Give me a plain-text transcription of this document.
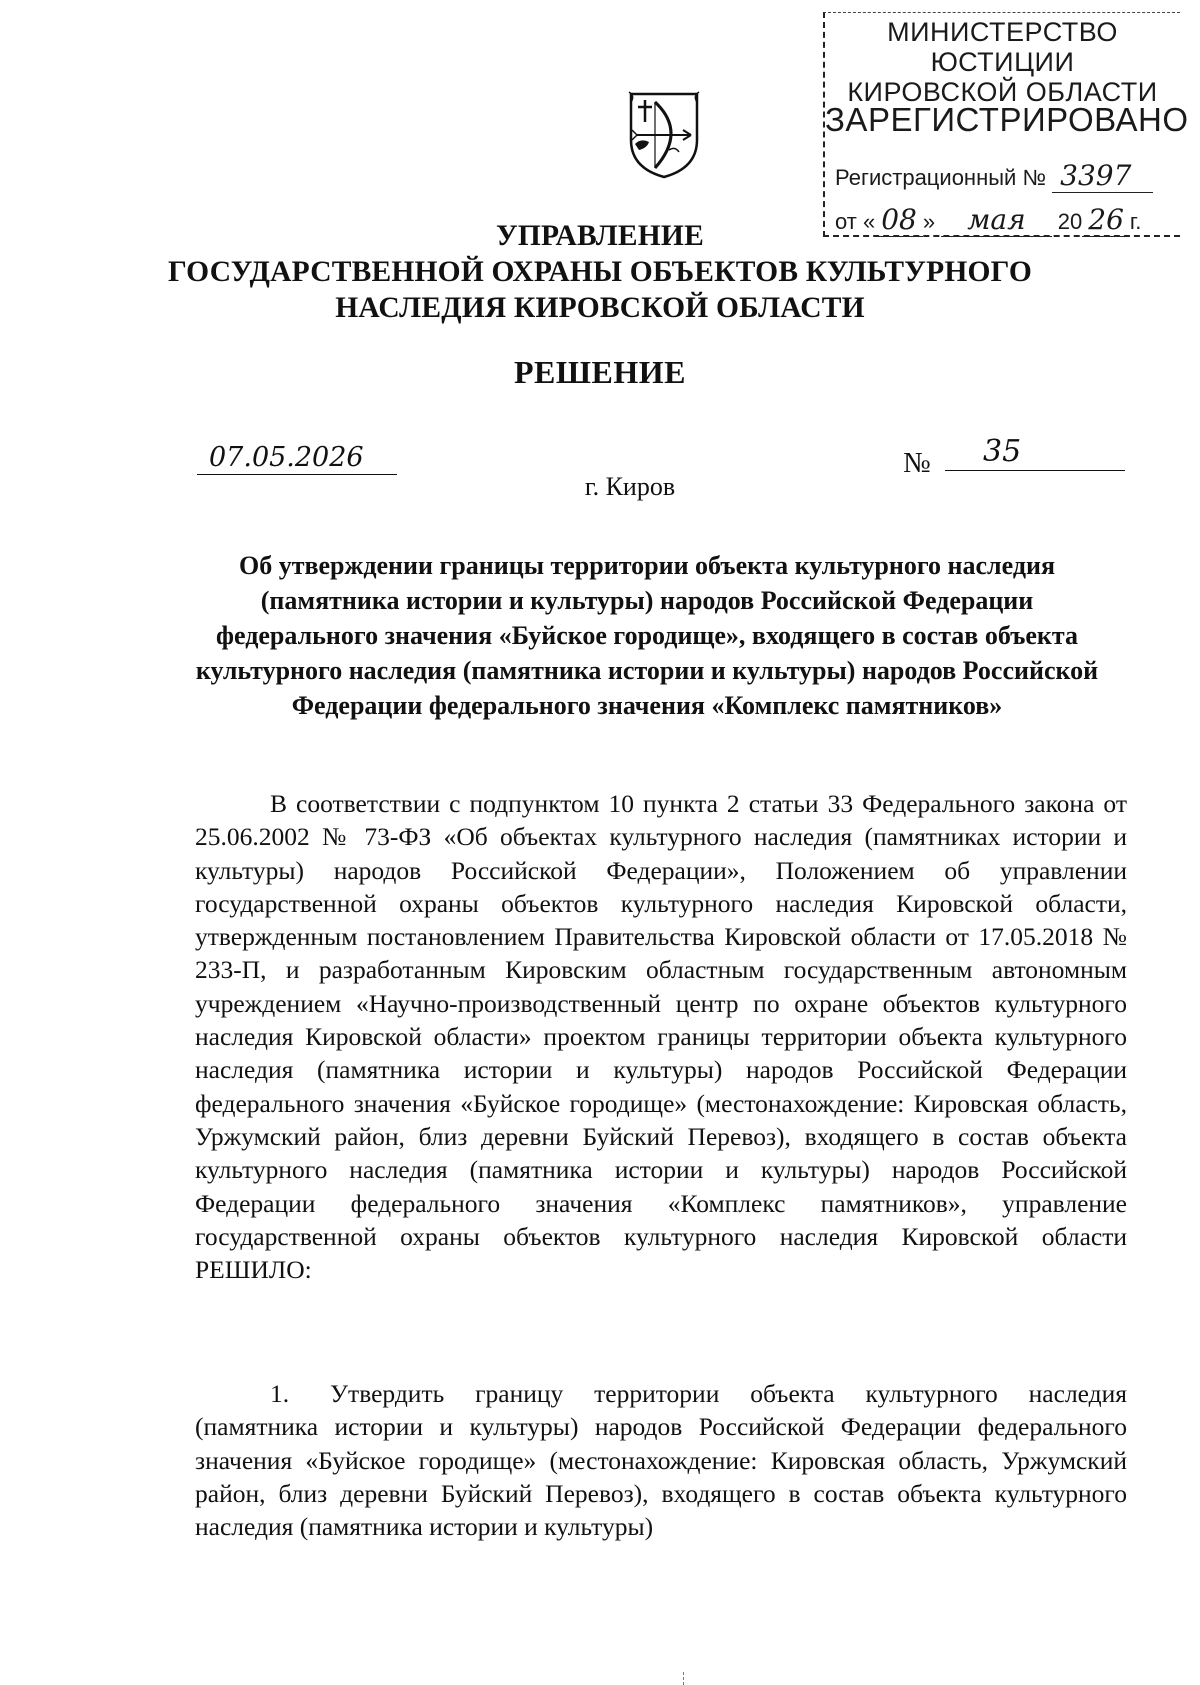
МИНИСТЕРСТВО ЮСТИЦИИ
КИРОВСКОЙ ОБЛАСТИ
ЗАРЕГИСТРИРОВАНО
Регистрационный № 3397
от « 08 » мая 20 26 г.
УПРАВЛЕНИЕ
ГОСУДАРСТВЕННОЙ ОХРАНЫ ОБЪЕКТОВ КУЛЬТУРНОГО
НАСЛЕДИЯ КИРОВСКОЙ ОБЛАСТИ
РЕШЕНИЕ
07.05.2026	№	35
г. Киров
Об утверждении границы территории объекта культурного наследия (памятника истории и культуры) народов Российской Федерации федерального значения «Буйское городище», входящего в состав объекта культурного наследия (памятника истории и культуры) народов Российской Федерации федерального значения «Комплекс памятников»

В соответствии с подпунктом 10 пункта 2 статьи 33 Федерального закона от 25.06.2002 № 73-ФЗ «Об объектах культурного наследия (памятниках истории и культуры) народов Российской Федерации», Положением об управлении государственной охраны объектов культурного наследия Кировской области, утвержденным постановлением Правительства Кировской области от 17.05.2018 № 233-П, и разработанным Кировским областным государственным автономным учреждением «Научно-производственный центр по охране объектов культурного наследия Кировской области» проектом границы территории объекта культурного наследия (памятника истории и культуры) народов Российской Федерации федерального значения «Буйское городище» (местонахождение: Кировская область, Уржумский район, близ деревни Буйский Перевоз), входящего в состав объекта культурного наследия (памятника истории и культуры) народов Российской Федерации федерального значения «Комплекс памятников», управление государственной охраны объектов культурного наследия Кировской области РЕШИЛО:

1. Утвердить границу территории объекта культурного наследия (памятника истории и культуры) народов Российской Федерации федерального значения «Буйское городище» (местонахождение: Кировская область, Уржумский район, близ деревни Буйский Перевоз), входящего в состав объекта культурного наследия (памятника истории и культуры)
